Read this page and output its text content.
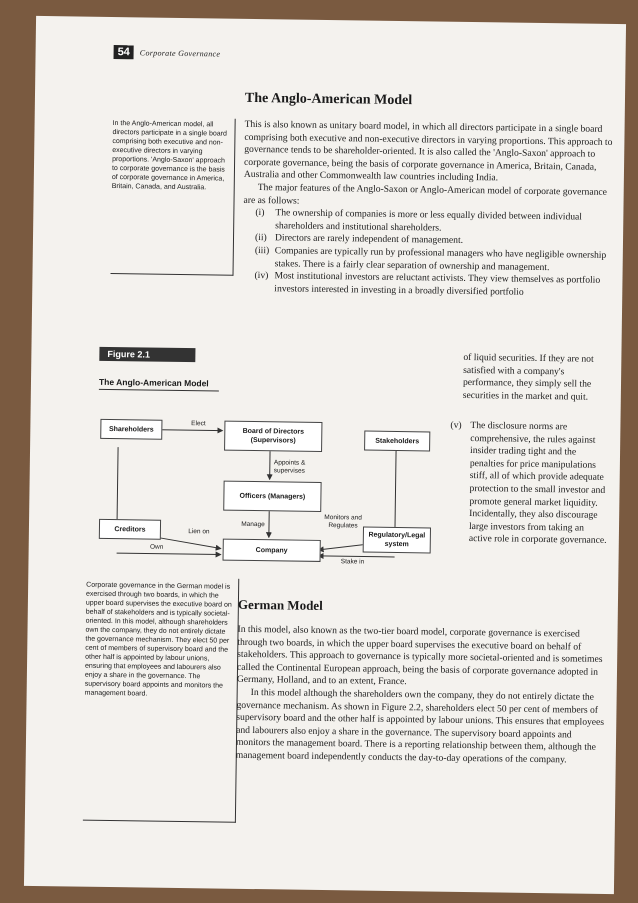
54	Corporate Governance
The Anglo-American Model
In the Anglo-American model, all directors participate in a single board comprising both executive and non-executive directors in varying proportions. 'Anglo-Saxon' approach to corporate governance is the basis of corporate governance in America, Britain, Canada, and Australia.

This is also known as unitary board model, in which all directors participate in a single board comprising both executive and non-executive directors in varying proportions. This approach to governance tends to be shareholder-oriented. It is also called the 'Anglo-Saxon' approach to corporate governance, being the basis of corporate governance in America, Britain, Canada, Australia and other Commonwealth law countries including India.

The major features of the Anglo-Saxon or Anglo-American model of corporate governance are as follows:

(i)	The ownership of companies is more or less equally divided between individual shareholders and institutional shareholders.
(ii) Directors are rarely independent of management.
(iii) Companies are typically run by professional managers who have negligible ownership stakes. There is a fairly clear separation of ownership and management.
(iv) Most institutional investors are reluctant activists. They view themselves as portfolio investors interested in investing in a broadly diversified portfolio
of liquid securities. If they are not satisfied with a company's performance, they simply sell the securities in the market and quit.
(v) The disclosure norms are comprehensive, the rules against insider trading tight and the penalties for price manipulations stiff, all of which provide adequate protection to the small investor and promote general market liquidity. Incidentally, they also discourage large investors from taking an active role in corporate governance.
Figure 2.1
The Anglo-American Model
Shareholders	Board of Directors (Supervisors)	Stakeholders
Officers (Managers)
Creditors
Company
Regulatory/Legal system
Elect
Appoints & supervises
Manage
Monitors and Regulates
Lien on
Own
Stake in
Corporate governance in the German model is exercised through two boards, in which the upper board supervises the executive board on behalf of stakeholders and is typically societal-oriented. In this model, although shareholders own the company, they do not entirely dictate the governance mechanism. They elect 50 per cent of members of supervisory board and the other half is appointed by labour unions, ensuring that employees and labourers also enjoy a share in the governance. The supervisory board appoints and monitors the management board.
German Model

In this model, also known as the two-tier board model, corporate governance is exercised through two boards, in which the upper board supervises the executive board on behalf of stakeholders. This approach to governance is typically more societal-oriented and is sometimes called the Continental European approach, being the basis of corporate governance adopted in Germany, Holland, and to an extent, France.

In this model although the shareholders own the company, they do not entirely dictate the governance mechanism. As shown in Figure 2.2, shareholders elect 50 per cent of members of supervisory board and the other half is appointed by labour unions. This ensures that employees and labourers also enjoy a share in the governance. The supervisory board appoints and monitors the management board. There is a reporting relationship between them, although the management board independently conducts the day-to-day operations of the company.
